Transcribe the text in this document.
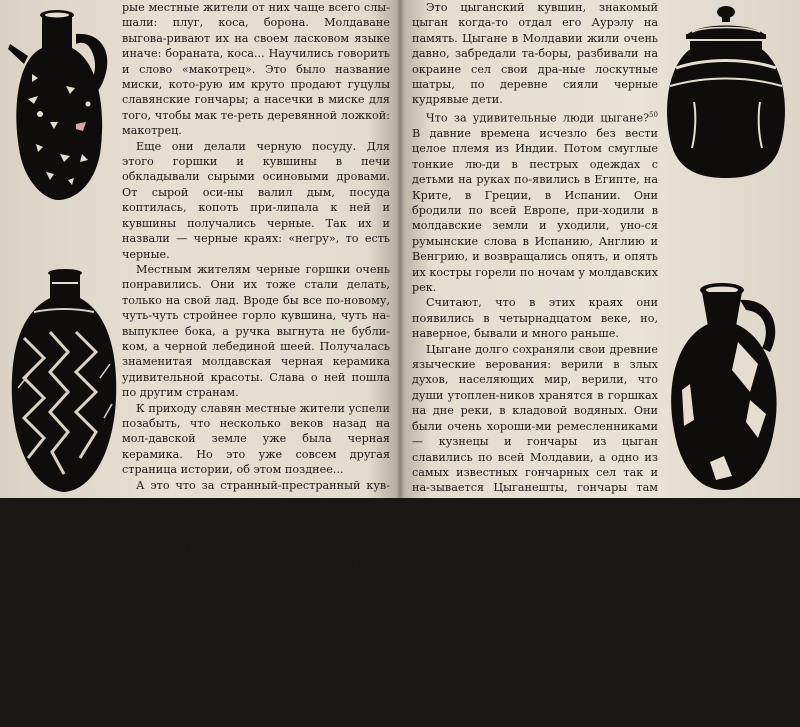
рые местные жители от них чаще всего слы-шали: плуг, коса, борона. Молдаване выгова-ривают их на своем ласковом языке иначе: бораната, коса... Научились говорить и слово «макотрец». Это было название миски, кото-рую им круто продают гуцулы славянские гончары; а насечки в миске для того, чтобы мак те-реть деревянной ложкой: макотрец.

Еще они делали черную посуду. Для этого горшки и кувшины в печи обкладывали сырыми осиновыми дровами. От сырой оси-ны валил дым, посуда коптилась, копоть при-липала к ней и кувшины получались черные. Так их и назвали — черные краях: «негру», то есть черные.

Местным жителям черные горшки очень понравились. Они их тоже стали делать, только на свой лад. Вроде бы все по-новому, чуть-чуть стройнее горло кувшина, чуть на-выпуклее бока, а ручка выгнута не бубли-ком, а черной лебединой шеей. Получалась знаменитая молдавская черная керамика удивительной красоты. Слава о ней пошла по другим странам.

К приходу славян местные жители успели позабыть, что несколько веков назад на мол-давской земле уже была черная керамика. Но это уже совсем другая страница истории, об этом позднее...

А это что за странный-престранный кув-шин притаился на самом конце полки, в уг-лу, далеко от изделий Аурэзы?

Такого кувшина наверняка больше нигде не увидишь. Пока он был сырой, в него вдавили медные монетки, оловянные пуговицы, брошек, голубую серьгу, обломки красных кирпичей, с зеленой стеклышко, обломки фарфоровой чашки, расписанной малиновыми розами, ча-почек, разукрашенной зубчатые колесики от часов. А потом ненадолго поставили в печь и малый огонь, который все же успел прида-вить его к кувшину. И вот сколько самих, что получилось.

Это цыганский кувшин, знакомый цыган когда-то отдал его Аурэлу на память. Цыгане в Молдавии жили очень давно, забредали та-боры, разбивали на окраине сел свои дра-ные лоскутные шатры, по деревне сияли черные кудрявые дети.

Что за удивительные люди цыгане?$^{50}$ В давние времена исчезло без вести целое племя из Индии. Потом смуглые тонкие лю-ди в пестрых одеждах с детьми на руках по-явились в Египте, на Крите, в Греции, в Испании. Они бродили по всей Европе, при-ходили в молдавские земли и уходили, уно-ся румынские слова в Испанию, Англию и Венгрию, и возвращались опять, и опять их костры горели по ночам у молдавских рек.

Считают, что в этих краях они появились в четырнадцатом веке, но, наверное, бывали и много раньше.

Цыгане долго сохраняли свои древние языческие верования: верили в злых духов, населяющих мир, верили, что души утоплен-ников хранятся в горшках на дне реки, в кладовой водяных. Они были очень хороши-ми ремесленниками — кузнецы и гончары из цыган славились по всей Молдавии, а одно из самых известных гончарных сел так и на-зывается Цыганешты, гончары там цыгане. Цыгане передавали из рода в род секреты гадания и фокусов, искусство врачевания, умение дрессировать животных — знания, добытые мудрецами Индии и Тибета. Но гон-чарное искусство они не принесли с собой, а потому его здесь, в молдавских деревнях, цыгане и учились, и делали ту же посуду, что и молдаване.

Только цыганский кувшин придумали свой, украсили его чем попало, и он получ-ился веселый и дикий, как дырявый лоскут-ный шатер, раскинутый на берегу реки.

...А это гордость Молдавии — кувшин,
